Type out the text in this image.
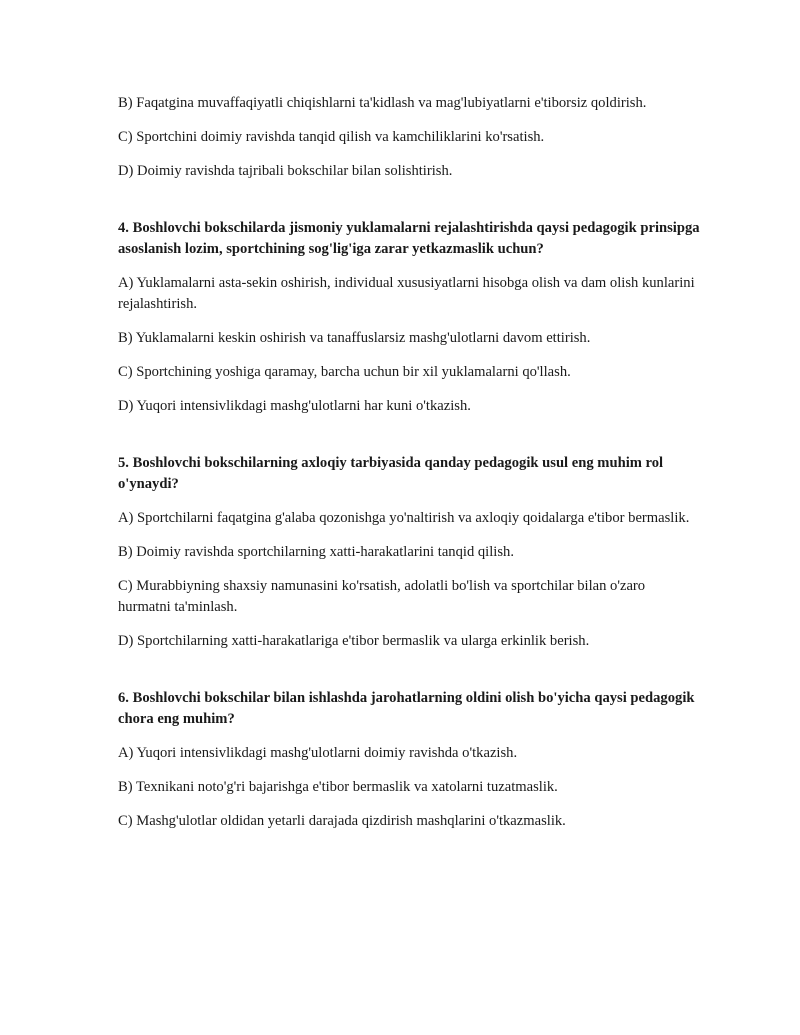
B) Faqatgina muvaffaqiyatli chiqishlarni ta'kidlash va mag'lubiyatlarni e'tiborsiz qoldirish.

C) Sportchini doimiy ravishda tanqid qilish va kamchiliklarini ko'rsatish.

D) Doimiy ravishda tajribali bokschilar bilan solishtirish.

4. Boshlovchi bokschilarda jismoniy yuklamalarni rejalashtirishda qaysi pedagogik prinsipga asoslanish lozim, sportchining sog'lig'iga zarar yetkazmaslik uchun?

A) Yuklamalarni asta-sekin oshirish, individual xususiyatlarni hisobga olish va dam olish kunlarini rejalashtirish.

B) Yuklamalarni keskin oshirish va tanaffuslarsiz mashg'ulotlarni davom ettirish.

C) Sportchining yoshiga qaramay, barcha uchun bir xil yuklamalarni qo'llash.

D) Yuqori intensivlikdagi mashg'ulotlarni har kuni o'tkazish.

5. Boshlovchi bokschilarning axloqiy tarbiyasida qanday pedagogik usul eng muhim rol o'ynaydi?

A) Sportchilarni faqatgina g'alaba qozonishga yo'naltirish va axloqiy qoidalarga e'tibor bermaslik.

B) Doimiy ravishda sportchilarning xatti-harakatlarini tanqid qilish.

C) Murabbiyning shaxsiy namunasini ko'rsatish, adolatli bo'lish va sportchilar bilan o'zaro hurmatni ta'minlash.

D) Sportchilarning xatti-harakatlariga e'tibor bermaslik va ularga erkinlik berish.

6. Boshlovchi bokschilar bilan ishlashda jarohatlarning oldini olish bo'yicha qaysi pedagogik chora eng muhim?

A) Yuqori intensivlikdagi mashg'ulotlarni doimiy ravishda o'tkazish.

B) Texnikani noto'g'ri bajarishga e'tibor bermaslik va xatolarni tuzatmaslik.

C) Mashg'ulotlar oldidan yetarli darajada qizdirish mashqlarini o'tkazmaslik.
